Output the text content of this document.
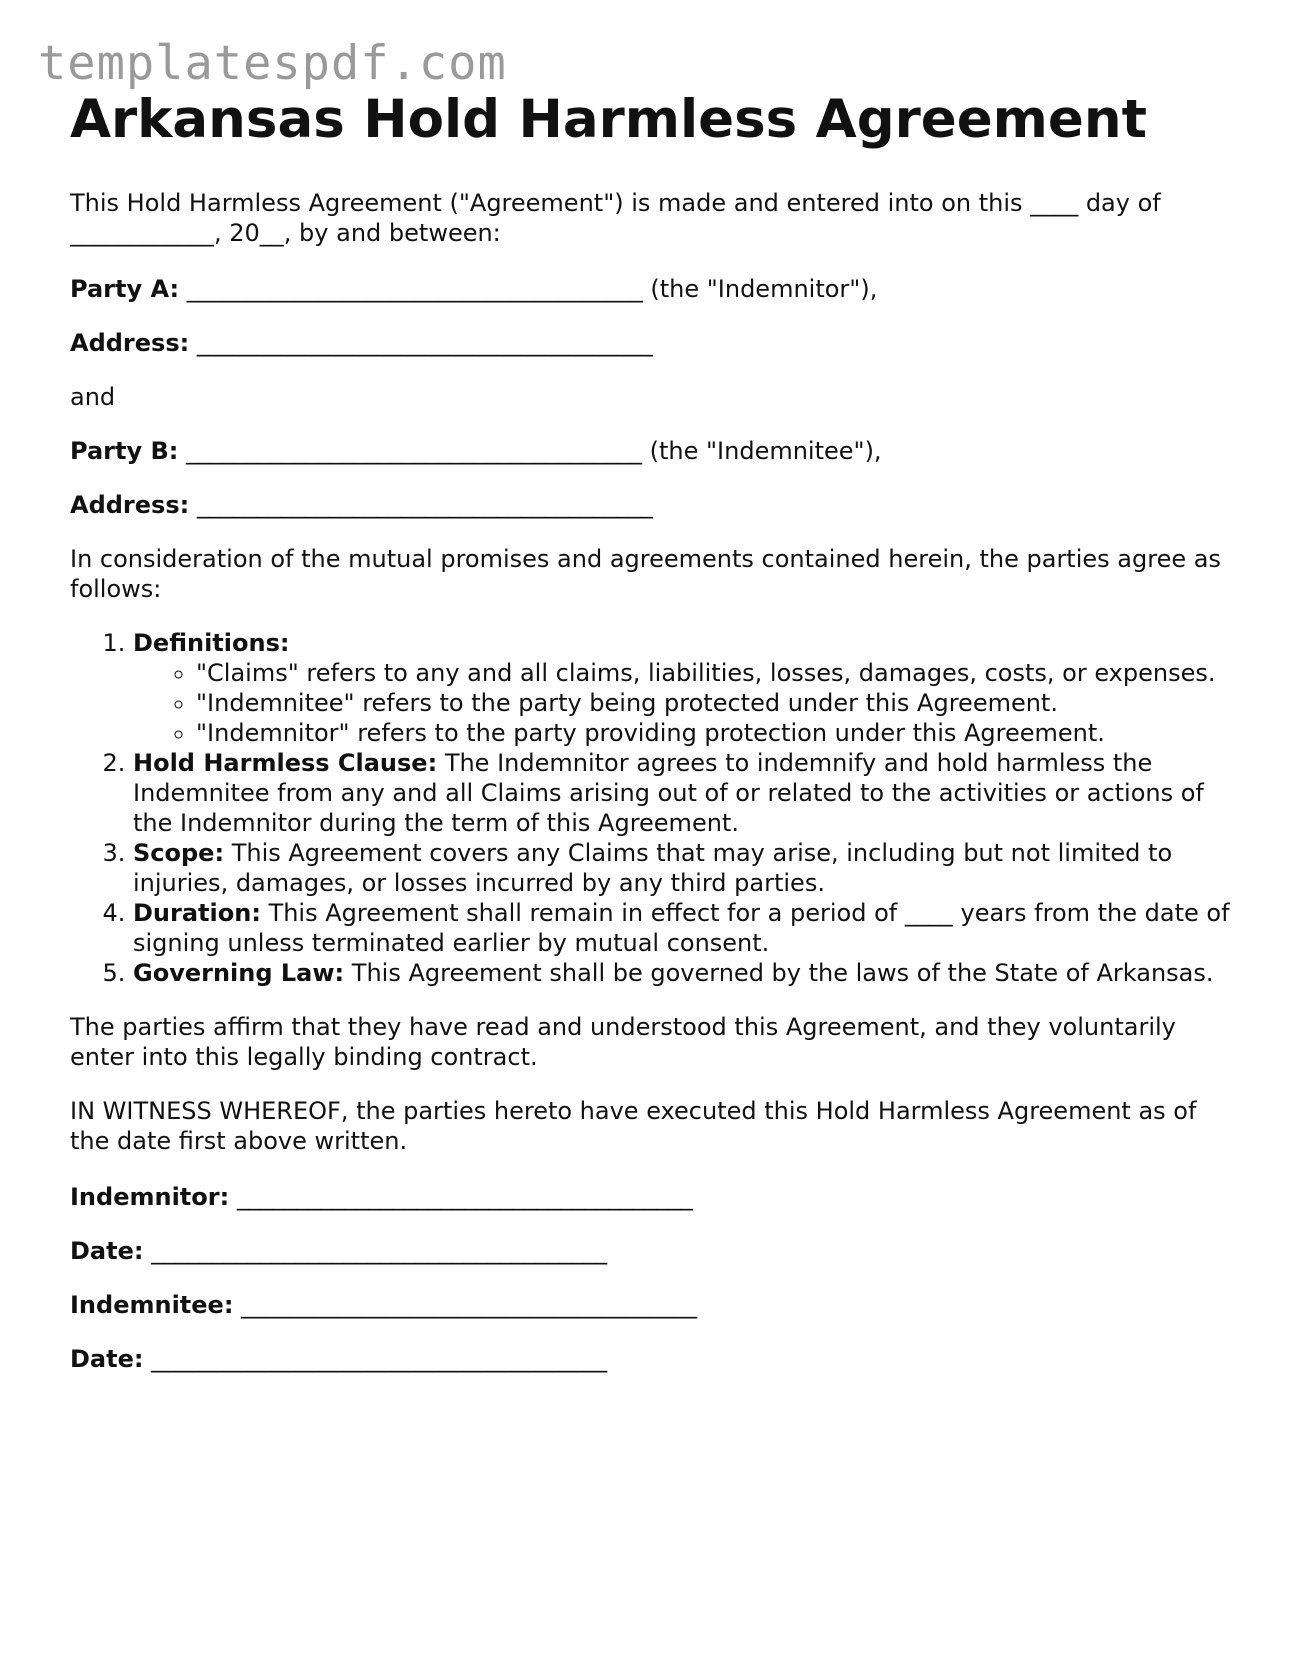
templatespdf.com
Arkansas Hold Harmless Agreement

This Hold Harmless Agreement ("Agreement") is made and entered into on this ____ day of ____________, 20__, by and between:

Party A: ______________________________________ (the "Indemnitor"),

Address: ______________________________________

and

Party B: ______________________________________ (the "Indemnitee"),

Address: ______________________________________

In consideration of the mutual promises and agreements contained herein, the parties agree as follows:

1. Definitions:
◦ "Claims" refers to any and all claims, liabilities, losses, damages, costs, or expenses.
◦ "Indemnitee" refers to the party being protected under this Agreement.
◦ "Indemnitor" refers to the party providing protection under this Agreement.
2. Hold Harmless Clause: The Indemnitor agrees to indemnify and hold harmless the Indemnitee from any and all Claims arising out of or related to the activities or actions of the Indemnitor during the term of this Agreement.
3. Scope: This Agreement covers any Claims that may arise, including but not limited to injuries, damages, or losses incurred by any third parties.
4. Duration: This Agreement shall remain in effect for a period of ____ years from the date of signing unless terminated earlier by mutual consent.
5. Governing Law: This Agreement shall be governed by the laws of the State of Arkansas.

The parties affirm that they have read and understood this Agreement, and they voluntarily enter into this legally binding contract.

IN WITNESS WHEREOF, the parties hereto have executed this Hold Harmless Agreement as of the date first above written.

Indemnitor: ______________________________________

Date: ______________________________________

Indemnitee: ______________________________________

Date: ______________________________________
